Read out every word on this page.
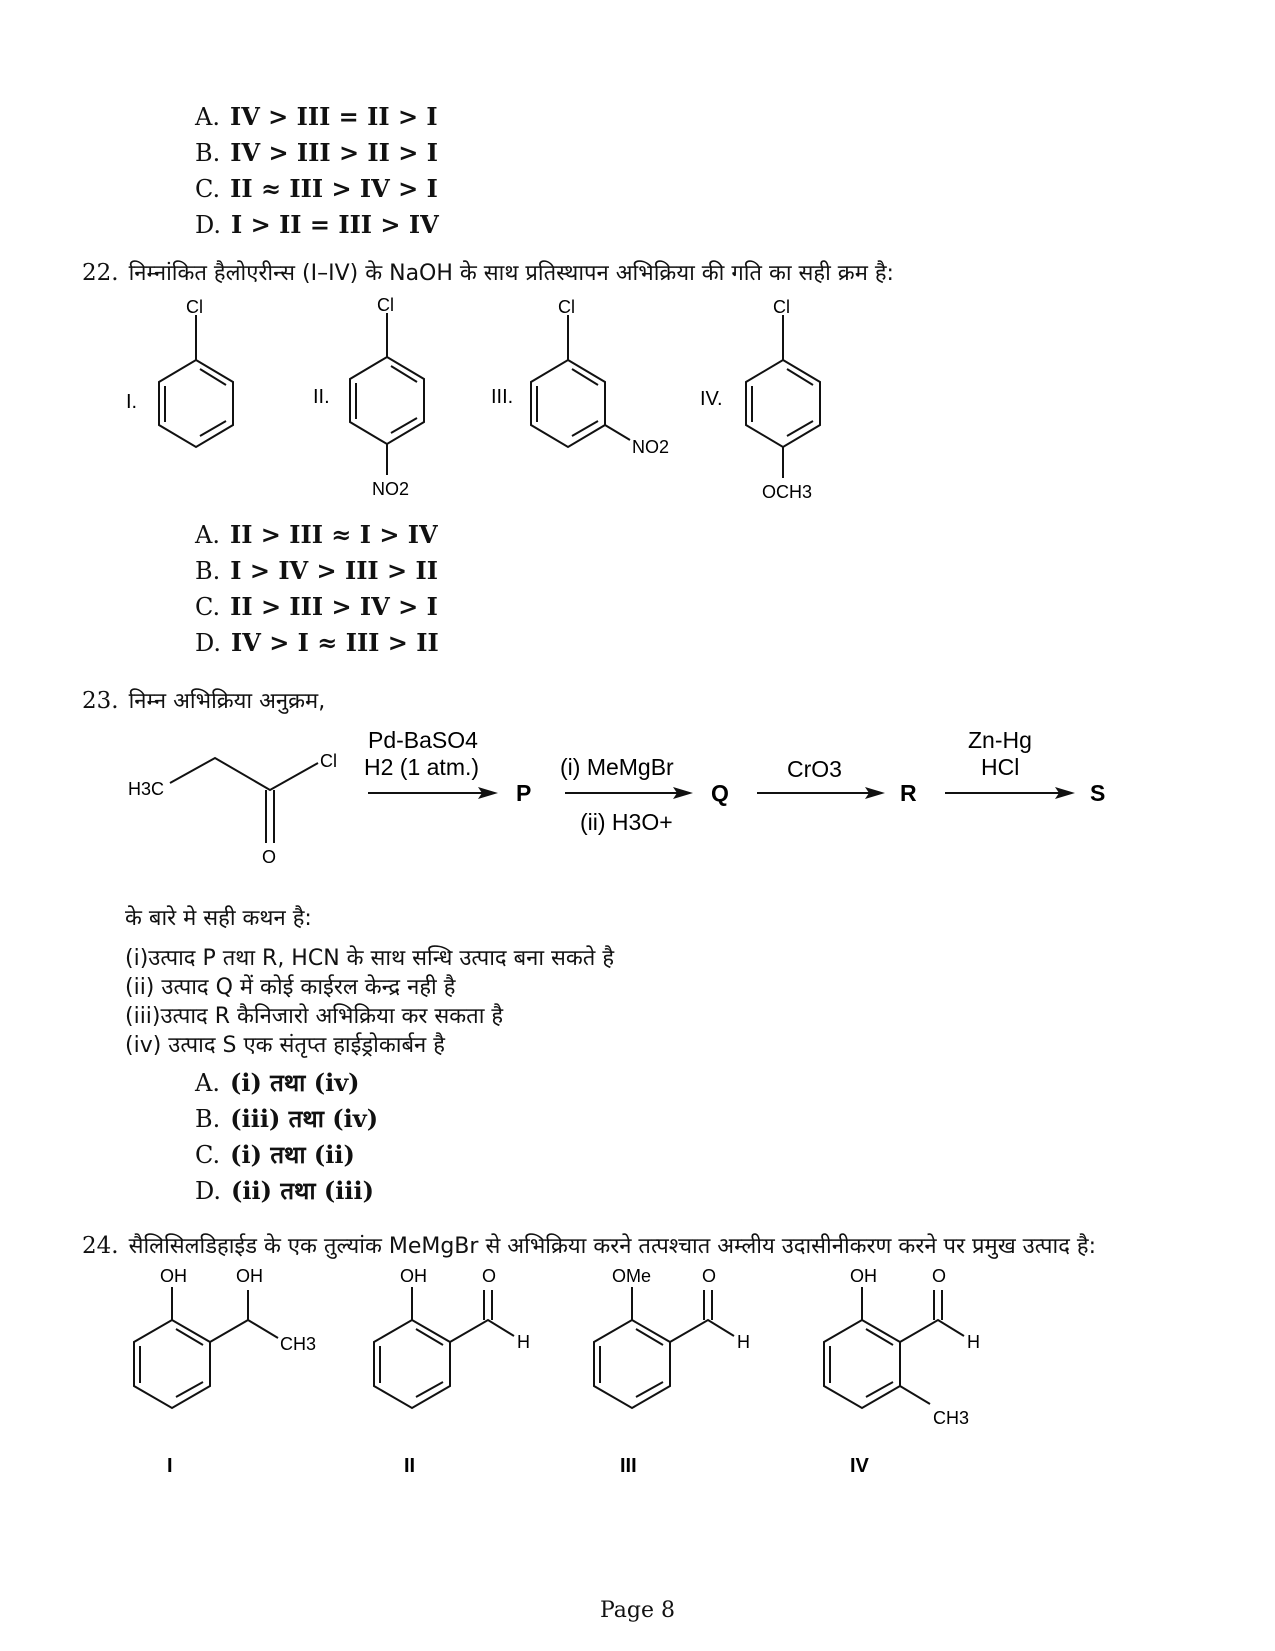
A. IV > III = II > I
B. IV > III > II > I
C. II ≈ III > IV > I
D. I > II = III > IV
22. निम्नांकित हैलोएरीन्स (I–IV) के NaOH के साथ प्रतिस्थापन अभिक्रिया की गति का सही क्रम है:
I.
Cl
II.
Cl
NO2
III.
Cl
NO2
IV.
Cl
OCH3
A. II > III ≈ I > IV
B. I > IV > III > II
C. II > III > IV > I
D. IV > I ≈ III > II
23. निम्न अभिक्रिया अनुक्रम,
H3C
Cl
O
Pd-BaSO4
H2 (1 atm.)
P
(i) MeMgBr
(ii) H3O+
Q
CrO3
R
Zn-Hg
HCl
S
के बारे मे सही कथन है:
(i)उत्पाद P तथा R, HCN के साथ सन्धि उत्पाद बना सकते है
(ii) उत्पाद Q में कोई काईरल केन्द्र नही है
(iii)उत्पाद R कैनिजारो अभिक्रिया कर सकता है
(iv) उत्पाद S एक संतृप्त हाईड्रोकार्बन है
A. (i) तथा (iv)
B. (iii) तथा (iv)
C. (i) तथा (ii)
D. (ii) तथा (iii)
24. सैलिसिलडिहाईड के एक तुल्यांक MeMgBr से अभिक्रिया करने तत्पश्चात अम्लीय उदासीनीकरण करने पर प्रमुख उत्पाद है:
OH	OH
CH3
I
OH	O
H
II
OMe	O
H
III
OH	O
H
CH3
IV
Page 8
